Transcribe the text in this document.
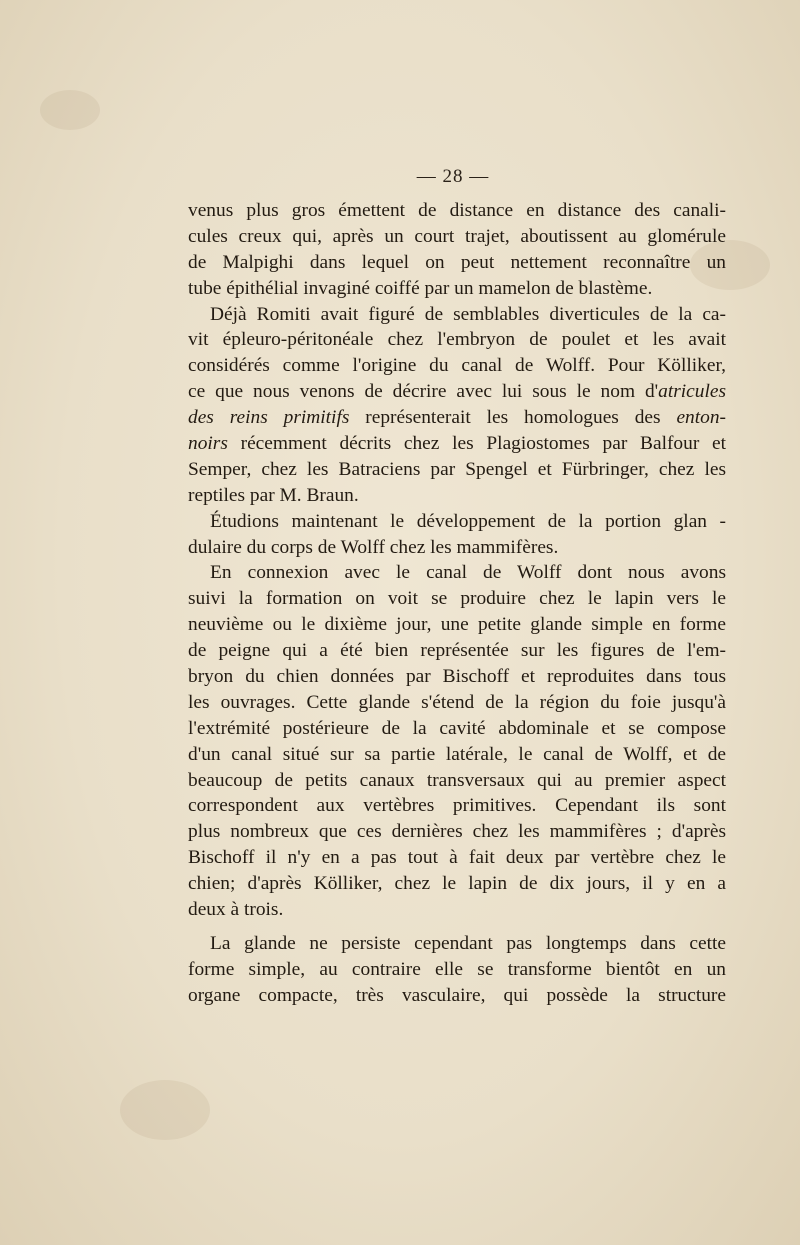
— 28 —
venus plus gros émettent de distance en distance des canali-
cules creux qui, après un court trajet, aboutissent au glomérule
de Malpighi dans lequel on peut nettement reconnaître un
tube épithélial invaginé coiffé par un mamelon de blastème.
Déjà Romiti avait figuré de semblables diverticules de la ca-
vit épleuro-péritonéale chez l'embryon de poulet et les avait
considérés comme l'origine du canal de Wolff. Pour Kölliker,
ce que nous venons de décrire avec lui sous le nom d'atricules
des reins primitifs représenterait les homologues des enton-
noirs récemment décrits chez les Plagiostomes par Balfour et
Semper, chez les Batraciens par Spengel et Fürbringer, chez les
reptiles par M. Braun.
Étudions maintenant le développement de la portion glan -
dulaire du corps de Wolff chez les mammifères.
En connexion avec le canal de Wolff dont nous avons
suivi la formation on voit se produire chez le lapin vers le
neuvième ou le dixième jour, une petite glande simple en forme
de peigne qui a été bien représentée sur les figures de l'em-
bryon du chien données par Bischoff et reproduites dans tous
les ouvrages. Cette glande s'étend de la région du foie jusqu'à
l'extrémité postérieure de la cavité abdominale et se compose
d'un canal situé sur sa partie latérale, le canal de Wolff, et de
beaucoup de petits canaux transversaux qui au premier aspect
correspondent aux vertèbres primitives. Cependant ils sont
plus nombreux que ces dernières chez les mammifères ; d'après
Bischoff il n'y en a pas tout à fait deux par vertèbre chez le
chien; d'après Kölliker, chez le lapin de dix jours, il y en a
deux à trois.
La glande ne persiste cependant pas longtemps dans cette
forme simple, au contraire elle se transforme bientôt en un
organe compacte, très vasculaire, qui possède la structure
